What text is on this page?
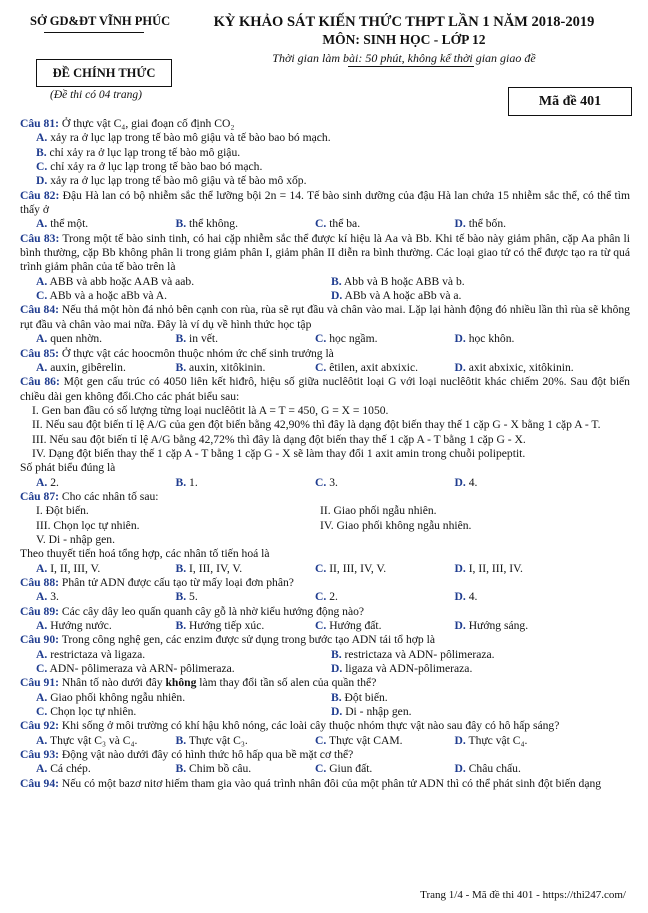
SỞ GD&ĐT VĨNH PHÚC
ĐỀ CHÍNH THỨC
(Đề thi có 04 trang)
KỲ KHẢO SÁT KIẾN THỨC THPT LẦN 1 NĂM 2018-2019
MÔN: SINH HỌC - LỚP 12
Thời gian làm bài: 50 phút, không kể thời gian giao đề
Mã đề 401
Câu 81: Ở thực vật C₄, giai đoạn cố định CO₂
A. xảy ra ở lục lạp trong tế bào mô giậu và tế bào bao bó mạch.
B. chỉ xảy ra ở lục lạp trong tế bào mô giậu.
C. chỉ xảy ra ở lục lạp trong tế bào bao bó mạch.
D. xảy ra ở lục lạp trong tế bào mô giậu và tế bào mô xốp.
Câu 82: Đậu Hà lan có bộ nhiễm sắc thể lưỡng bội 2n = 14. Tế bào sinh dưỡng của đậu Hà lan chứa 15 nhiễm sắc thể, có thể tìm thấy ở
A. thể một.	B. thể không.	C. thể ba.	D. thể bốn.
Câu 83: Trong một tế bào sinh tinh, có hai cặp nhiễm sắc thể được kí hiệu là Aa và Bb. Khi tế bào này giảm phân, cặp Aa phân li bình thường, cặp Bb không phân li trong giảm phân I, giảm phân II diễn ra bình thường. Các loại giao tử có thể được tạo ra từ quá trình giảm phân của tế bào trên là
A. ABB và abb hoặc AAB và aab.	B. Abb và B hoặc ABB và b.
C. ABb và a hoặc aBb và A.	D. ABb và A hoặc aBb và a.
Câu 84: Nếu thả một hòn đá nhỏ bên cạnh con rùa, rùa sẽ rụt đầu và chân vào mai. Lặp lại hành động đó nhiều lần thì rùa sẽ không rụt đầu và chân vào mai nữa. Đây là ví dụ về hình thức học tập
A. quen nhờn.	B. in vết.	C. học ngầm.	D. học khôn.
Câu 85: Ở thực vật các hoocmôn thuộc nhóm ức chế sinh trưởng là
A. auxin, gibêrelin.	B. auxin, xitôkinin.	C. êtilen, axit abxixic.	D. axit abxixic, xitôkinin.
Câu 86: Một gen cấu trúc có 4050 liên kết hiđrô, hiệu số giữa nuclêôtit loại G với loại nuclêôtit khác chiếm 20%. Sau đột biến chiều dài gen không đổi.Cho các phát biểu sau:
I. Gen ban đầu có số lượng từng loại nuclêôtit là A = T = 450, G = X = 1050.
II. Nếu sau đột biến tỉ lệ A/G của gen đột biến bằng 42,90% thì đây là dạng đột biến thay thế 1 cặp G - X bằng 1 cặp A - T.
III. Nếu sau đột biến tỉ lệ A/G bằng 42,72% thì đây là dạng đột biến thay thế 1 cặp A - T bằng 1 cặp G - X.
IV. Dạng đột biến thay thế 1 cặp A - T bằng 1 cặp G - X sẽ làm thay đổi 1 axit amin trong chuỗi polipeptit.
Số phát biểu đúng là
A. 2.	B. 1.	C. 3.	D. 4.
Câu 87: Cho các nhân tố sau:
I. Đột biến.	II. Giao phối ngẫu nhiên.
III. Chọn lọc tự nhiên.	IV. Giao phối không ngẫu nhiên.
V. Di - nhập gen.
Theo thuyết tiến hoá tổng hợp, các nhân tố tiến hoá là
A. I, II, III, V.	B. I, III, IV, V.	C. II, III, IV, V.	D. I, II, III, IV.
Câu 88: Phân tử ADN được cấu tạo từ mấy loại đơn phân?
A. 3.	B. 5.	C. 2.	D. 4.
Câu 89: Các cây dây leo quấn quanh cây gỗ là nhờ kiểu hướng động nào?
A. Hướng nước.	B. Hướng tiếp xúc.	C. Hướng đất.	D. Hướng sáng.
Câu 90: Trong công nghệ gen, các enzim được sử dụng trong bước tạo ADN tái tổ hợp là
A. restrictaza và ligaza.	B. restrictaza và ADN- pôlimeraza.
C. ADN- pôlimeraza và ARN- pôlimeraza.	D. ligaza và ADN-pôlimeraza.
Câu 91: Nhân tố nào dưới đây không làm thay đổi tần số alen của quần thể?
A. Giao phối không ngẫu nhiên.	B. Đột biến.
C. Chọn lọc tự nhiên.	D. Di - nhập gen.
Câu 92: Khi sống ở môi trường có khí hậu khô nóng, các loài cây thuộc nhóm thực vật nào sau đây có hô hấp sáng?
A. Thực vật C₃ và C₄.	B. Thực vật C₃.	C. Thực vật CAM.	D. Thực vật C₄.
Câu 93: Động vật nào dưới đây có hình thức hô hấp qua bề mặt cơ thể?
A. Cá chép.	B. Chim bồ câu.	C. Giun đất.	D. Châu chấu.
Câu 94: Nếu có một bazơ nitơ hiếm tham gia vào quá trình nhân đôi của một phân tử ADN thì có thể phát sinh đột biến dạng
Trang 1/4 - Mã đề thi 401 - https://thi247.com/
